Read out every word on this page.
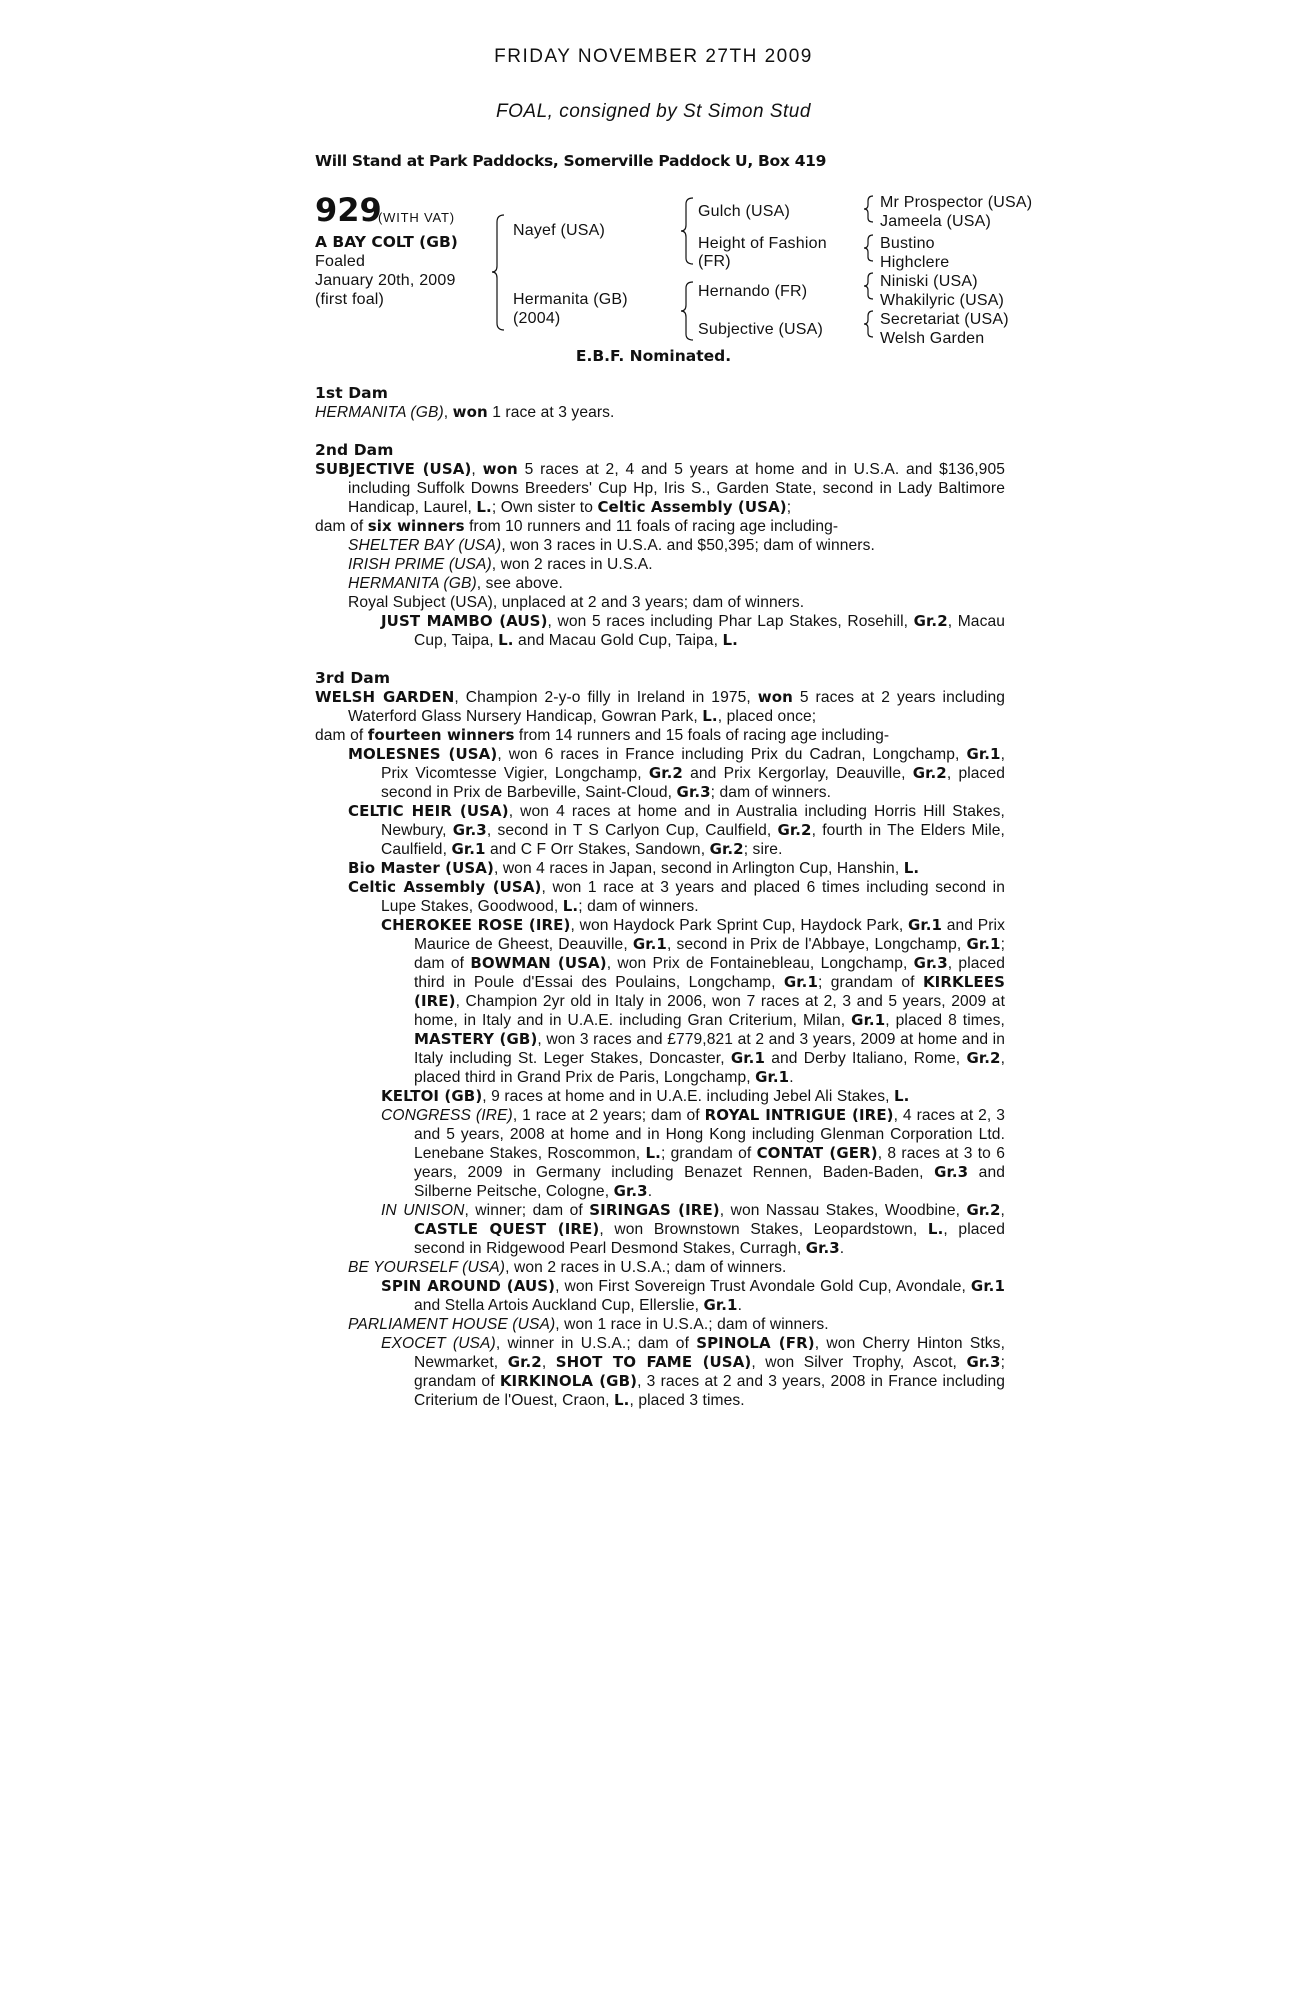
FRIDAY NOVEMBER 27TH 2009
FOAL, consigned by St Simon Stud
Will Stand at Park Paddocks, Somerville Paddock U, Box 419
929
(WITH VAT)
A BAY COLT (GB)
Foaled
January 20th, 2009
(first foal)
Nayef (USA)
Hermanita (GB)
(2004)
Gulch (USA)
Height of Fashion
(FR)
Hernando (FR)
Subjective (USA)
Mr Prospector (USA)
Jameela (USA)
Bustino
Highclere
Niniski (USA)
Whakilyric (USA)
Secretariat (USA)
Welsh Garden
E.B.F. Nominated.
1st Dam

HERMANITA (GB), won 1 race at 3 years.

2nd Dam

SUBJECTIVE (USA), won 5 races at 2, 4 and 5 years at home and in U.S.A. and $136,905 including Suffolk Downs Breeders' Cup Hp, Iris S., Garden State, second in Lady Baltimore Handicap, Laurel, L.; Own sister to Celtic Assembly (USA);

dam of six winners from 10 runners and 11 foals of racing age including-

SHELTER BAY (USA), won 3 races in U.S.A. and $50,395; dam of winners.

IRISH PRIME (USA), won 2 races in U.S.A.

HERMANITA (GB), see above.

Royal Subject (USA), unplaced at 2 and 3 years; dam of winners.

JUST MAMBO (AUS), won 5 races including Phar Lap Stakes, Rosehill, Gr.2, Macau Cup, Taipa, L. and Macau Gold Cup, Taipa, L.

3rd Dam

WELSH GARDEN, Champion 2-y-o filly in Ireland in 1975, won 5 races at 2 years including Waterford Glass Nursery Handicap, Gowran Park, L., placed once;

dam of fourteen winners from 14 runners and 15 foals of racing age including-

MOLESNES (USA), won 6 races in France including Prix du Cadran, Longchamp, Gr.1, Prix Vicomtesse Vigier, Longchamp, Gr.2 and Prix Kergorlay, Deauville, Gr.2, placed second in Prix de Barbeville, Saint-Cloud, Gr.3; dam of winners.

CELTIC HEIR (USA), won 4 races at home and in Australia including Horris Hill Stakes, Newbury, Gr.3, second in T S Carlyon Cup, Caulfield, Gr.2, fourth in The Elders Mile, Caulfield, Gr.1 and C F Orr Stakes, Sandown, Gr.2; sire.

Bio Master (USA), won 4 races in Japan, second in Arlington Cup, Hanshin, L.

Celtic Assembly (USA), won 1 race at 3 years and placed 6 times including second in Lupe Stakes, Goodwood, L.; dam of winners.

CHEROKEE ROSE (IRE), won Haydock Park Sprint Cup, Haydock Park, Gr.1 and Prix Maurice de Gheest, Deauville, Gr.1, second in Prix de l'Abbaye, Longchamp, Gr.1; dam of BOWMAN (USA), won Prix de Fontainebleau, Longchamp, Gr.3, placed third in Poule d'Essai des Poulains, Longchamp, Gr.1; grandam of KIRKLEES (IRE), Champion 2yr old in Italy in 2006, won 7 races at 2, 3 and 5 years, 2009 at home, in Italy and in U.A.E. including Gran Criterium, Milan, Gr.1, placed 8 times, MASTERY (GB), won 3 races and £779,821 at 2 and 3 years, 2009 at home and in Italy including St. Leger Stakes, Doncaster, Gr.1 and Derby Italiano, Rome, Gr.2, placed third in Grand Prix de Paris, Longchamp, Gr.1.

KELTOI (GB), 9 races at home and in U.A.E. including Jebel Ali Stakes, L.

CONGRESS (IRE), 1 race at 2 years; dam of ROYAL INTRIGUE (IRE), 4 races at 2, 3 and 5 years, 2008 at home and in Hong Kong including Glenman Corporation Ltd. Lenebane Stakes, Roscommon, L.; grandam of CONTAT (GER), 8 races at 3 to 6 years, 2009 in Germany including Benazet Rennen, Baden-Baden, Gr.3 and Silberne Peitsche, Cologne, Gr.3.

IN UNISON, winner; dam of SIRINGAS (IRE), won Nassau Stakes, Woodbine, Gr.2, CASTLE QUEST (IRE), won Brownstown Stakes, Leopardstown, L., placed second in Ridgewood Pearl Desmond Stakes, Curragh, Gr.3.

BE YOURSELF (USA), won 2 races in U.S.A.; dam of winners.

SPIN AROUND (AUS), won First Sovereign Trust Avondale Gold Cup, Avondale, Gr.1 and Stella Artois Auckland Cup, Ellerslie, Gr.1.

PARLIAMENT HOUSE (USA), won 1 race in U.S.A.; dam of winners.

EXOCET (USA), winner in U.S.A.; dam of SPINOLA (FR), won Cherry Hinton Stks, Newmarket, Gr.2, SHOT TO FAME (USA), won Silver Trophy, Ascot, Gr.3; grandam of KIRKINOLA (GB), 3 races at 2 and 3 years, 2008 in France including Criterium de l'Ouest, Craon, L., placed 3 times.
